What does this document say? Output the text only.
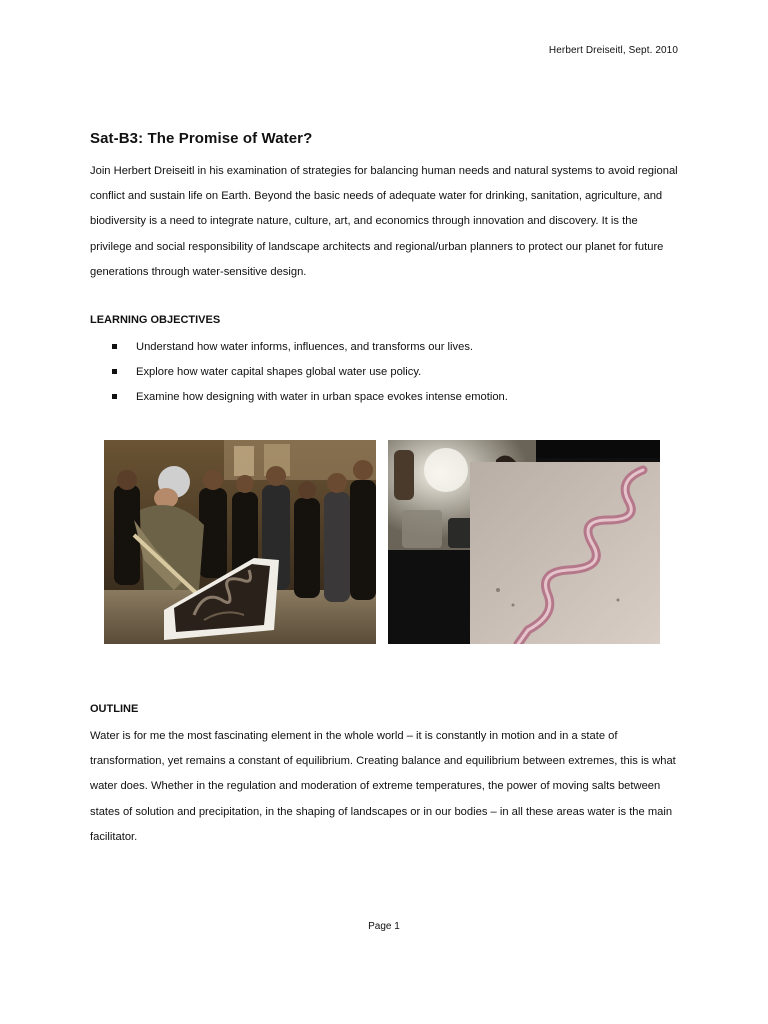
Herbert Dreiseitl, Sept. 2010
Sat-B3: The Promise of Water?

Join Herbert Dreiseitl in his examination of strategies for balancing human needs and natural systems to avoid regional conflict and sustain life on Earth. Beyond the basic needs of adequate water for drinking, sanitation, agriculture, and biodiversity is a need to integrate nature, culture, art, and economics through innovation and discovery. It is the privilege and social responsibility of landscape architects and regional/urban planners to protect our planet for future generations through water-sensitive design.

LEARNING OBJECTIVES
Understand how water informs, influences, and transforms our lives.
Explore how water capital shapes global water use policy.
Examine how designing with water in urban space evokes intense emotion.
OUTLINE

Water is for me the most fascinating element in the whole world – it is constantly in motion and in a state of transformation, yet remains a constant of equilibrium. Creating balance and equilibrium between extremes, this is what water does. Whether in the regulation and moderation of extreme temperatures, the power of moving salts between states of solution and precipitation, in the shaping of landscapes or in our bodies – in all these areas water is the main facilitator.

Page 1
